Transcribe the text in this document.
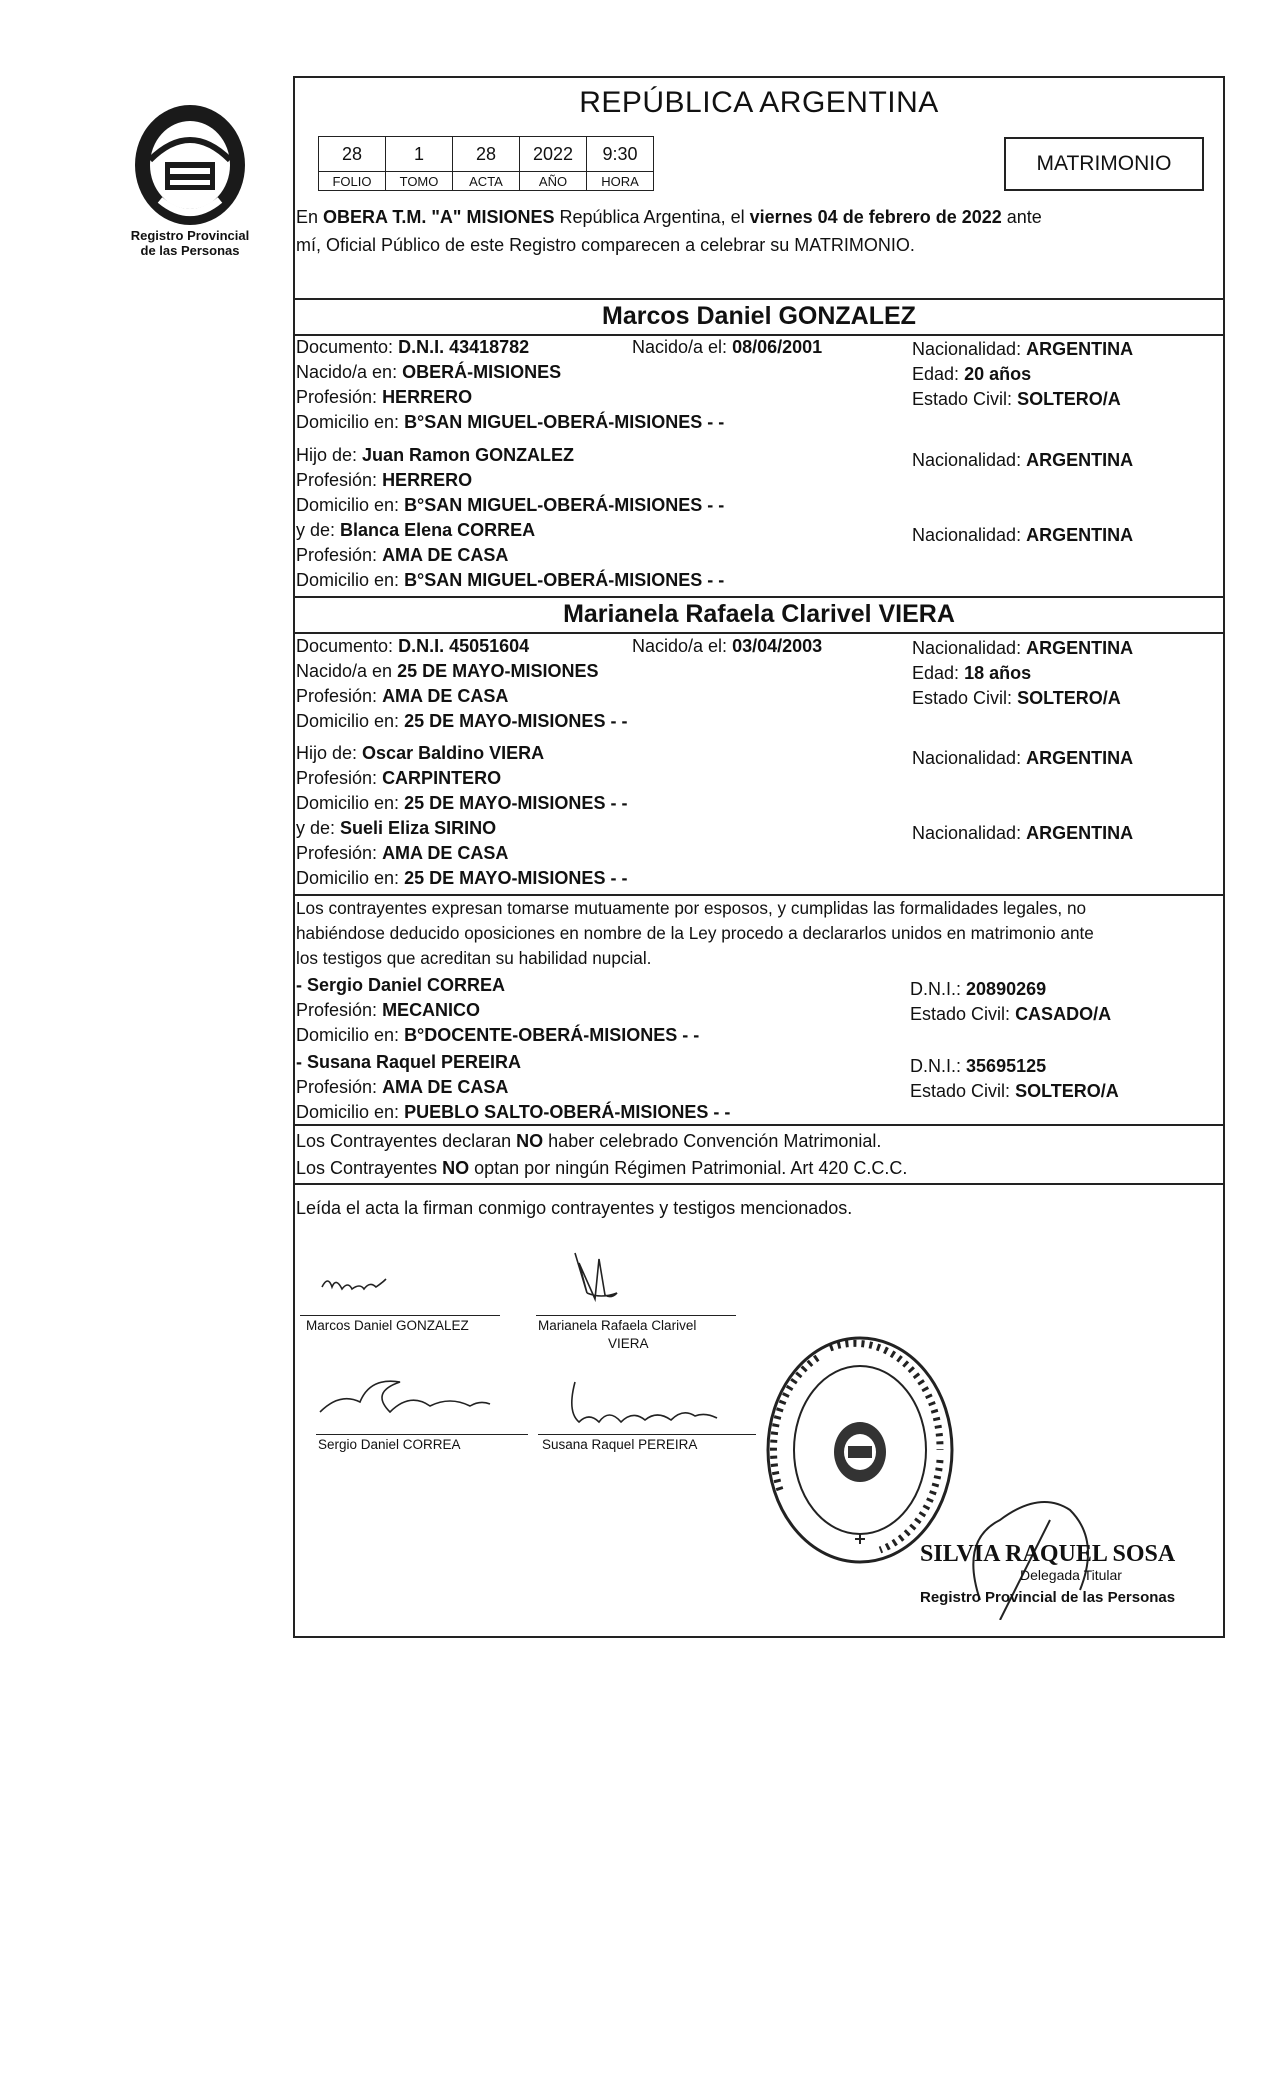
Registro Provincial
de las Personas
REPÚBLICA ARGENTINA
28	1	28	2022	9:30
FOLIO	TOMO	ACTA	AÑO	HORA
MATRIMONIO
En OBERA T.M. "A" MISIONES República Argentina, el viernes 04 de febrero de 2022 ante
mí, Oficial Público de este Registro comparecen a celebrar su MATRIMONIO.
Marcos Daniel GONZALEZ
Documento: D.N.I. 43418782	Nacido/a el: 08/06/2001	Nacionalidad: ARGENTINA
Nacido/a en: OBERÁ-MISIONES	Edad: 20 años
Profesión: HERRERO	Estado Civil: SOLTERO/A
Domicilio en: B°SAN MIGUEL-OBERÁ-MISIONES - -
Hijo de: Juan Ramon GONZALEZ	Nacionalidad: ARGENTINA
Profesión: HERRERO
Domicilio en: B°SAN MIGUEL-OBERÁ-MISIONES - -
y de: Blanca Elena CORREA	Nacionalidad: ARGENTINA
Profesión: AMA DE CASA
Domicilio en: B°SAN MIGUEL-OBERÁ-MISIONES - -
Marianela Rafaela Clarivel VIERA
Documento: D.N.I. 45051604	Nacido/a el: 03/04/2003	Nacionalidad: ARGENTINA
Nacido/a en 25 DE MAYO-MISIONES	Edad: 18 años
Profesión: AMA DE CASA	Estado Civil: SOLTERO/A
Domicilio en: 25 DE MAYO-MISIONES - -
Hijo de: Oscar Baldino VIERA	Nacionalidad: ARGENTINA
Profesión: CARPINTERO
Domicilio en: 25 DE MAYO-MISIONES - -
y de: Sueli Eliza SIRINO	Nacionalidad: ARGENTINA
Profesión: AMA DE CASA
Domicilio en: 25 DE MAYO-MISIONES - -
Los contrayentes expresan tomarse mutuamente por esposos, y cumplidas las formalidades legales, no
habiéndose deducido oposiciones en nombre de la Ley procedo a declararlos unidos en matrimonio ante
los testigos que acreditan su habilidad nupcial.
- Sergio Daniel CORREA	D.N.I.: 20890269
Profesión: MECANICO	Estado Civil: CASADO/A
Domicilio en: B°DOCENTE-OBERÁ-MISIONES - -
- Susana Raquel PEREIRA	D.N.I.: 35695125
Profesión: AMA DE CASA	Estado Civil: SOLTERO/A
Domicilio en: PUEBLO SALTO-OBERÁ-MISIONES - -
Los Contrayentes declaran NO haber celebrado Convención Matrimonial.
Los Contrayentes NO optan por ningún Régimen Patrimonial. Art 420 C.C.C.
Leída el acta la firman conmigo contrayentes y testigos mencionados.
Marcos Daniel GONZALEZ	Marianela Rafaela Clarivel
VIERA
Sergio Daniel CORREA	Susana Raquel PEREIRA
SILVIA RAQUEL SOSA
Delegada Titular
Registro Provincial de las Personas
